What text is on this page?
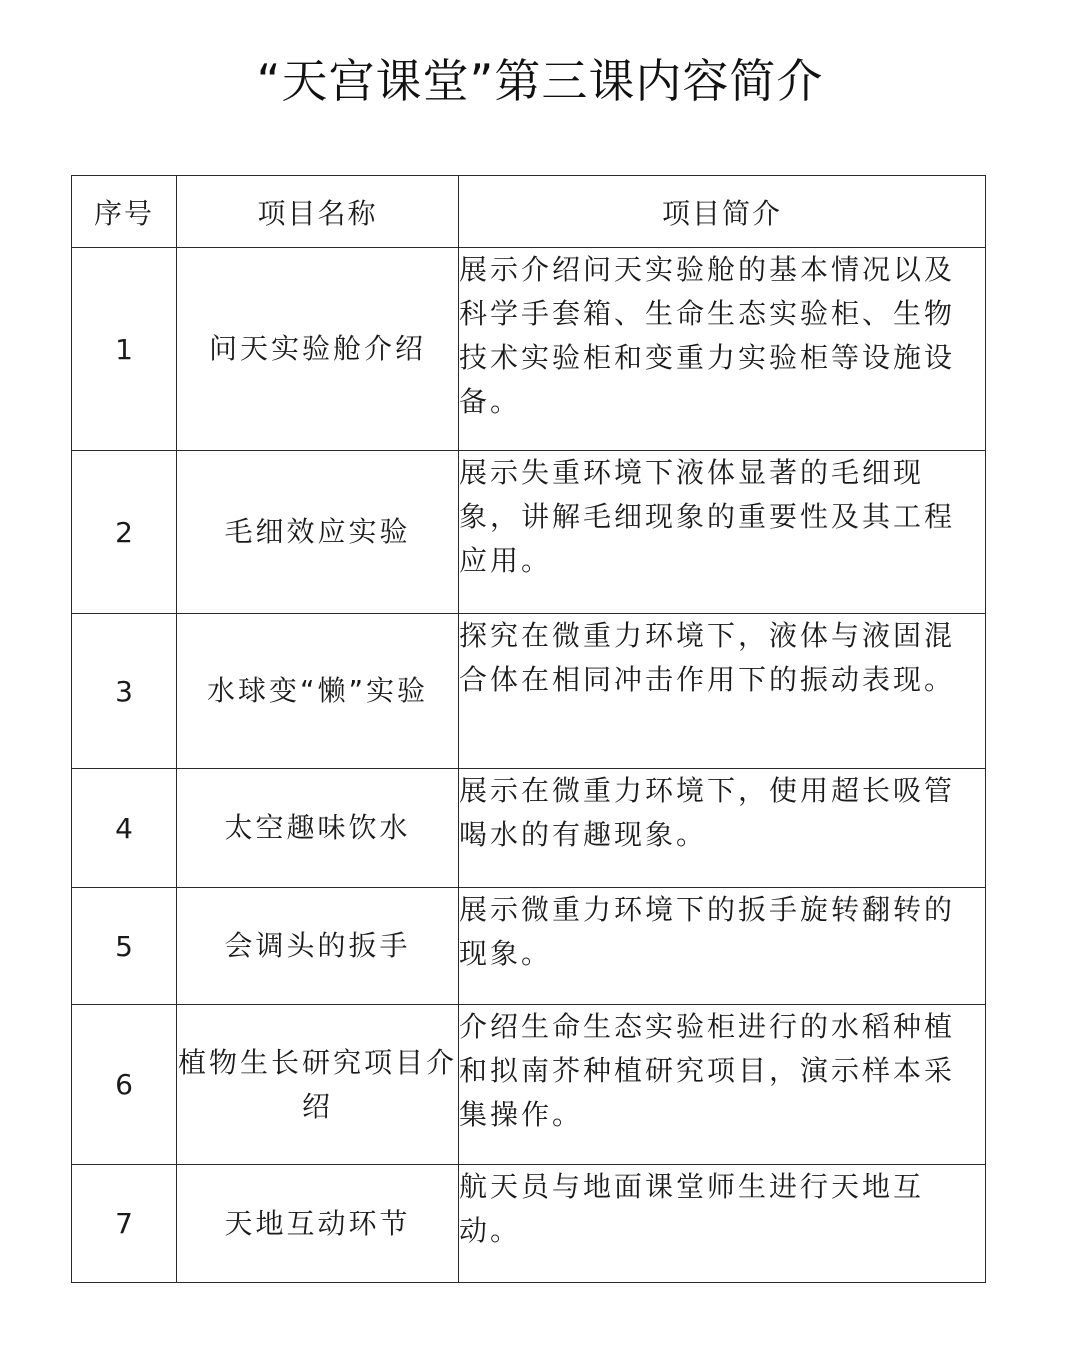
“天宫课堂”第三课内容简介
序号	项目名称	项目简介
1	问天实验舱介绍	展示介绍问天实验舱的基本情况以及科学手套箱、生命生态实验柜、生物技术实验柜和变重力实验柜等设施设备。
2	毛细效应实验	展示失重环境下液体显著的毛细现象，讲解毛细现象的重要性及其工程应用。
3	水球变“懒”实验	探究在微重力环境下，液体与液固混合体在相同冲击作用下的振动表现。
4	太空趣味饮水	展示在微重力环境下，使用超长吸管喝水的有趣现象。
5	会调头的扳手	展示微重力环境下的扳手旋转翻转的现象。
6	植物生长研究项目介绍	介绍生命生态实验柜进行的水稻种植和拟南芥种植研究项目，演示样本采集操作。
7	天地互动环节	航天员与地面课堂师生进行天地互动。
